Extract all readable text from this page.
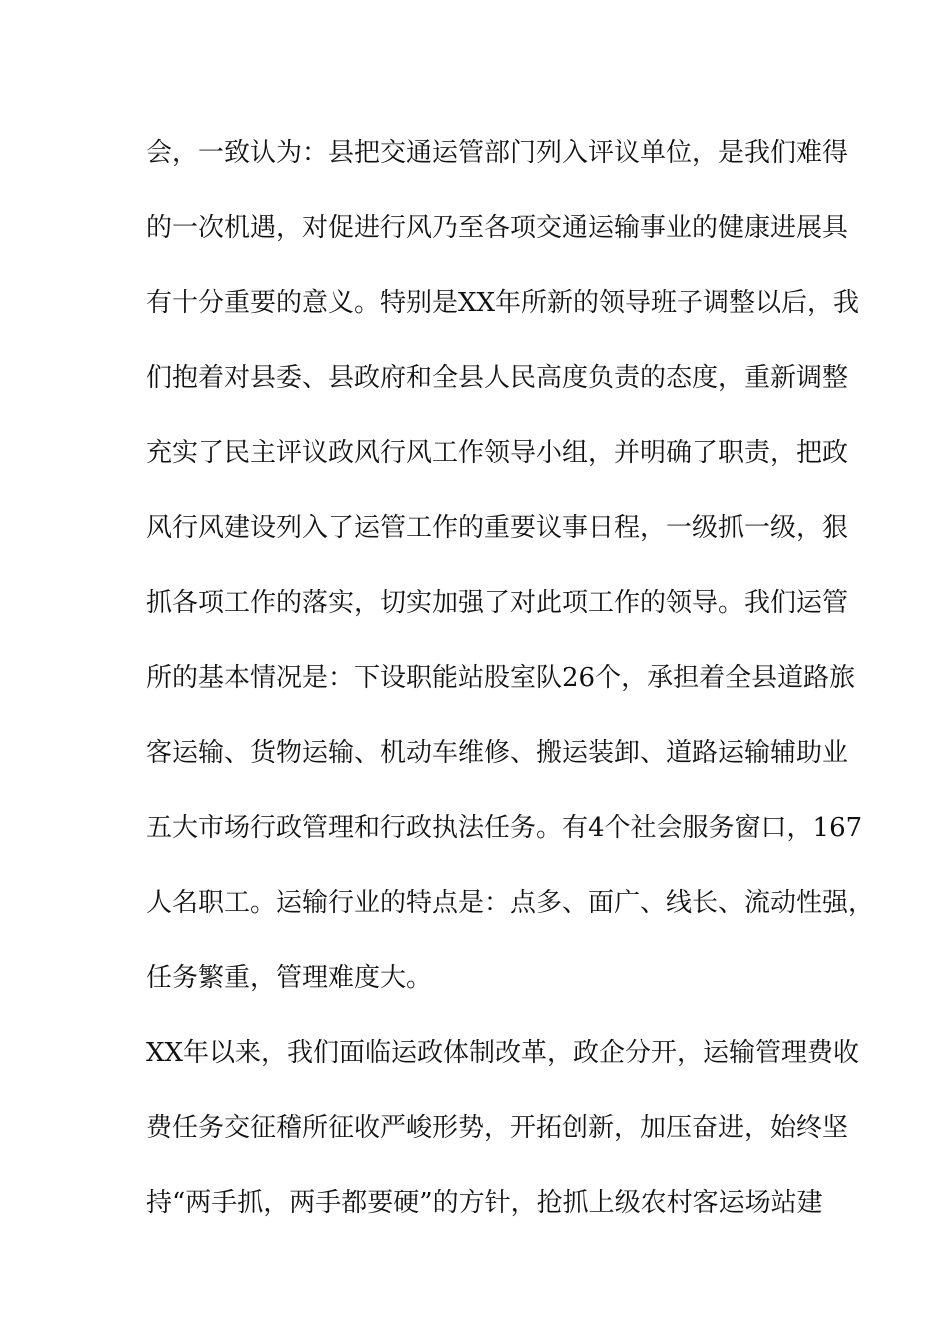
会，一致认为：县把交通运管部门列入评议单位，是我们难得
的一次机遇，对促进行风乃至各项交通运输事业的健康进展具
有十分重要的意义。特别是XX年所新的领导班子调整以后，我
们抱着对县委、县政府和全县人民高度负责的态度，重新调整
充实了民主评议政风行风工作领导小组，并明确了职责，把政
风行风建设列入了运管工作的重要议事日程，一级抓一级，狠
抓各项工作的落实，切实加强了对此项工作的领导。我们运管
所的基本情况是：下设职能站股室队26个，承担着全县道路旅
客运输、货物运输、机动车维修、搬运装卸、道路运输辅助业
五大市场行政管理和行政执法任务。有4个社会服务窗口，167
人名职工。运输行业的特点是：点多、面广、线长、流动性强，
任务繁重，管理难度大。
XX年以来，我们面临运政体制改革，政企分开，运输管理费收
费任务交征稽所征收严峻形势，开拓创新，加压奋进，始终坚
持“两手抓，两手都要硬”的方针，抢抓上级农村客运场站建
